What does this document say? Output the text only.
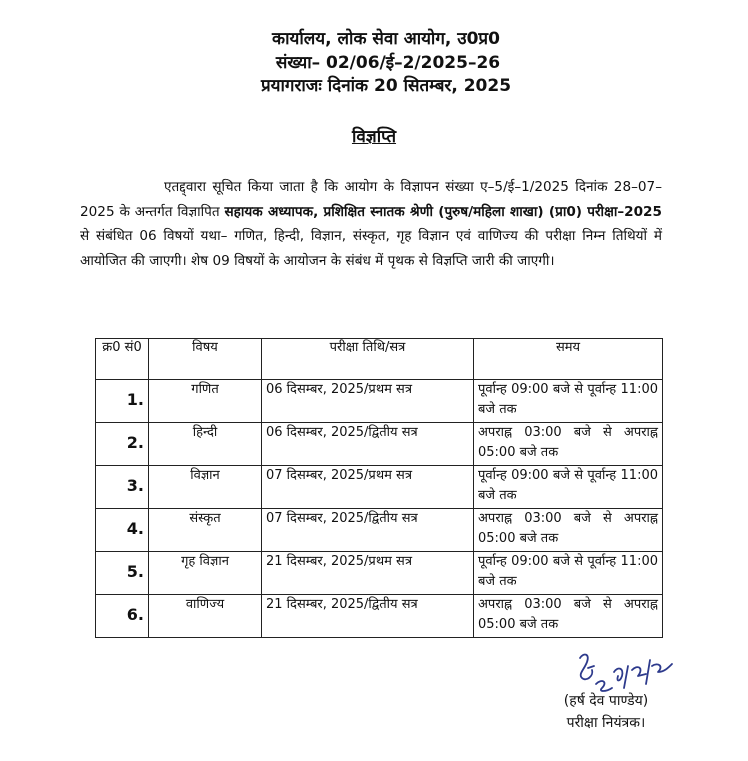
कार्यालय, लोक सेवा आयोग, उ0प्र0
संख्या– 02/06/ई–2/2025–26
प्रयागराजः दिनांक 20 सितम्बर, 2025
विज्ञप्ति
एतद्द्वारा सूचित किया जाता है कि आयोग के विज्ञापन संख्या ए–5/ई–1/2025 दिनांक 28–07–2025 के अन्तर्गत विज्ञापित सहायक अध्यापक, प्रशिक्षित स्नातक श्रेणी (पुरुष/महिला शाखा) (प्रा0) परीक्षा–2025 से संबंधित 06 विषयों यथा– गणित, हिन्दी, विज्ञान, संस्कृत, गृह विज्ञान एवं वाणिज्य की परीक्षा निम्न तिथियों में आयोजित की जाएगी। शेष 09 विषयों के आयोजन के संबंध में पृथक से विज्ञप्ति जारी की जाएगी।
क्र0 सं0	विषय	परीक्षा तिथि/सत्र	समय
1.	गणित	06 दिसम्बर, 2025/प्रथम सत्र	पूर्वान्ह 09:00 बजे से पूर्वान्ह 11:00 बजे तक
2.	हिन्दी	06 दिसम्बर, 2025/द्वितीय सत्र	अपराह्न 03:00 बजे से अपराह्न 05:00 बजे तक
3.	विज्ञान	07 दिसम्बर, 2025/प्रथम सत्र	पूर्वान्ह 09:00 बजे से पूर्वान्ह 11:00 बजे तक
4.	संस्कृत	07 दिसम्बर, 2025/द्वितीय सत्र	अपराह्न 03:00 बजे से अपराह्न 05:00 बजे तक
5.	गृह विज्ञान	21 दिसम्बर, 2025/प्रथम सत्र	पूर्वान्ह 09:00 बजे से पूर्वान्ह 11:00 बजे तक
6.	वाणिज्य	21 दिसम्बर, 2025/द्वितीय सत्र	अपराह्न 03:00 बजे से अपराह्न 05:00 बजे तक
(हर्ष देव पाण्डेय)
परीक्षा नियंत्रक।
